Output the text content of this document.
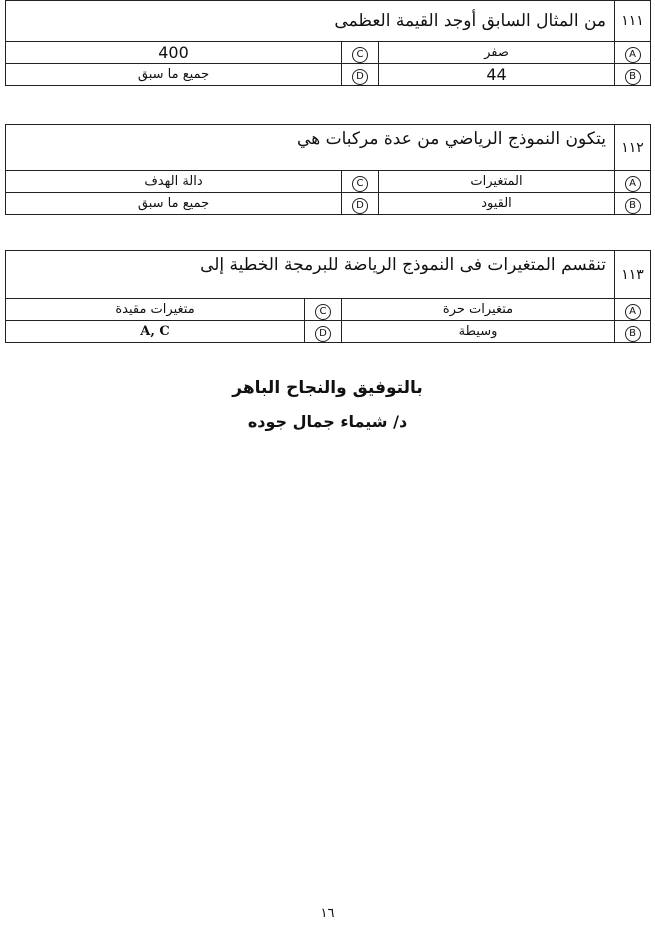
من المثال السابق أوجد القيمة العظمى			١١١
400	C	صفر	A
جميع ما سبق	D	44	B
يتكون النموذج الرياضي من عدة مركبات هي			١١٢
دالة الهدف	C	المتغيرات	A
جميع ما سبق	D	القيود	B
تنقسم المتغيرات فى النموذج الرياضة للبرمجة الخطية إلى			١١٣
متغيرات مقيدة	C	متغيرات حرة	A
A, C	D	وسيطة	B
بالتوفيق والنجاح الباهر
د/ شيماء جمال جوده
١٦
